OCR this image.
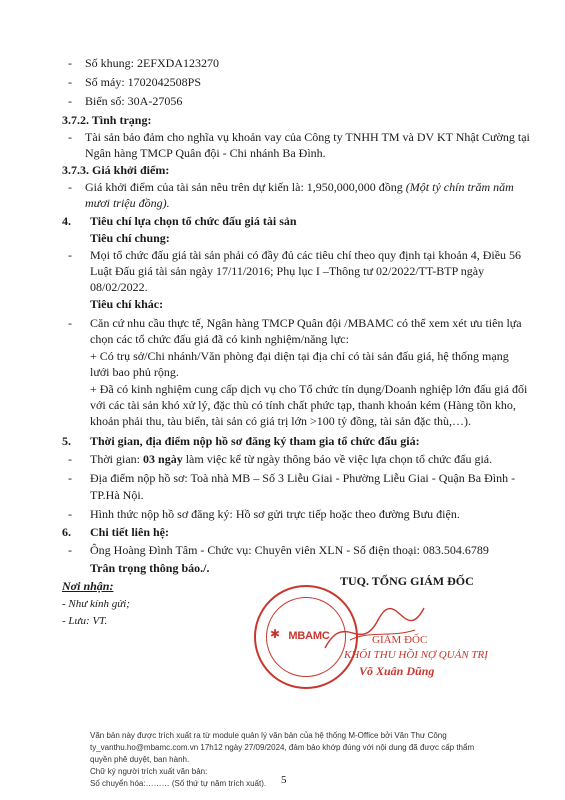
- Số khung: 2EFXDA123270
- Số máy: 1702042508PS
- Biển số: 30A-27056
3.7.2. Tình trạng:
- Tài sản bảo đảm cho nghĩa vụ khoản vay của Công ty TNHH TM và DV KT Nhật Cường tại
Ngân hàng TMCP Quân đội - Chi nhánh Ba Đình.
3.7.3. Giá khởi điểm:
- Giá khởi điểm của tài sản nêu trên dự kiến là: 1,950,000,000 đồng (Một tỷ chín trăm năm
mươi triệu đồng).
4. Tiêu chí lựa chọn tổ chức đấu giá tài sản
Tiêu chí chung:
- Mọi tổ chức đấu giá tài sản phải có đầy đủ các tiêu chí theo quy định tại khoản 4, Điều 56
Luật Đấu giá tài sản ngày 17/11/2016; Phụ lục I –Thông tư 02/2022/TT-BTP ngày
08/02/2022.
Tiêu chí khác:
- Căn cứ nhu cầu thực tế, Ngân hàng TMCP Quân đội /MBAMC có thể xem xét ưu tiên lựa
chọn các tổ chức đấu giá đã có kinh nghiệm/năng lực:
+ Có trụ sở/Chi nhánh/Văn phòng đại diện tại địa chỉ có tài sản đấu giá, hệ thống mạng
lưới bao phủ rộng.
+ Đã có kinh nghiệm cung cấp dịch vụ cho Tổ chức tín dụng/Doanh nghiệp lớn đấu giá đối
với các tài sản khó xử lý, đặc thù có tính chất phức tạp, thanh khoản kém (Hàng tồn kho,
khoản phải thu, tàu biển, tài sản có giá trị lớn >100 tỷ đồng, tài sản đặc thù,…).
5. Thời gian, địa điểm nộp hồ sơ đăng ký tham gia tổ chức đấu giá:
- Thời gian: 03 ngày làm việc kể từ ngày thông báo về việc lựa chọn tổ chức đấu giá.
- Địa điểm nộp hồ sơ: Toà nhà MB – Số 3 Liễu Giai - Phường Liễu Giai - Quận Ba Đình -
TP.Hà Nội.
- Hình thức nộp hồ sơ đăng ký: Hồ sơ gửi trực tiếp hoặc theo đường Bưu điện.
6. Chi tiết liên hệ:
- Ông Hoàng Đình Tâm - Chức vụ: Chuyên viên XLN - Số điện thoại: 083.504.6789
Trân trọng thông báo./.
Nơi nhận:
- Như kính gửi;
- Lưu: VT.
TUQ. TỔNG GIÁM ĐỐC
✱ MBAMC	GIÁM ĐỐC
KHỐI THU HỒI NỢ QUẢN TRỊ
Võ Xuân Dũng
Văn bản này được trích xuất ra từ module quản lý văn bản của hệ thống M-Office bởi Văn Thư Công
ty_vanthu.ho@mbamc.com.vn 17h12 ngày 27/09/2024, đảm bảo khớp đúng với nội dung đã được cấp thẩm
quyền phê duyệt, ban hành.
Chữ ký người trích xuất văn bản:
Số chuyển hóa:……… (Số thứ tự năm trích xuất). 5
